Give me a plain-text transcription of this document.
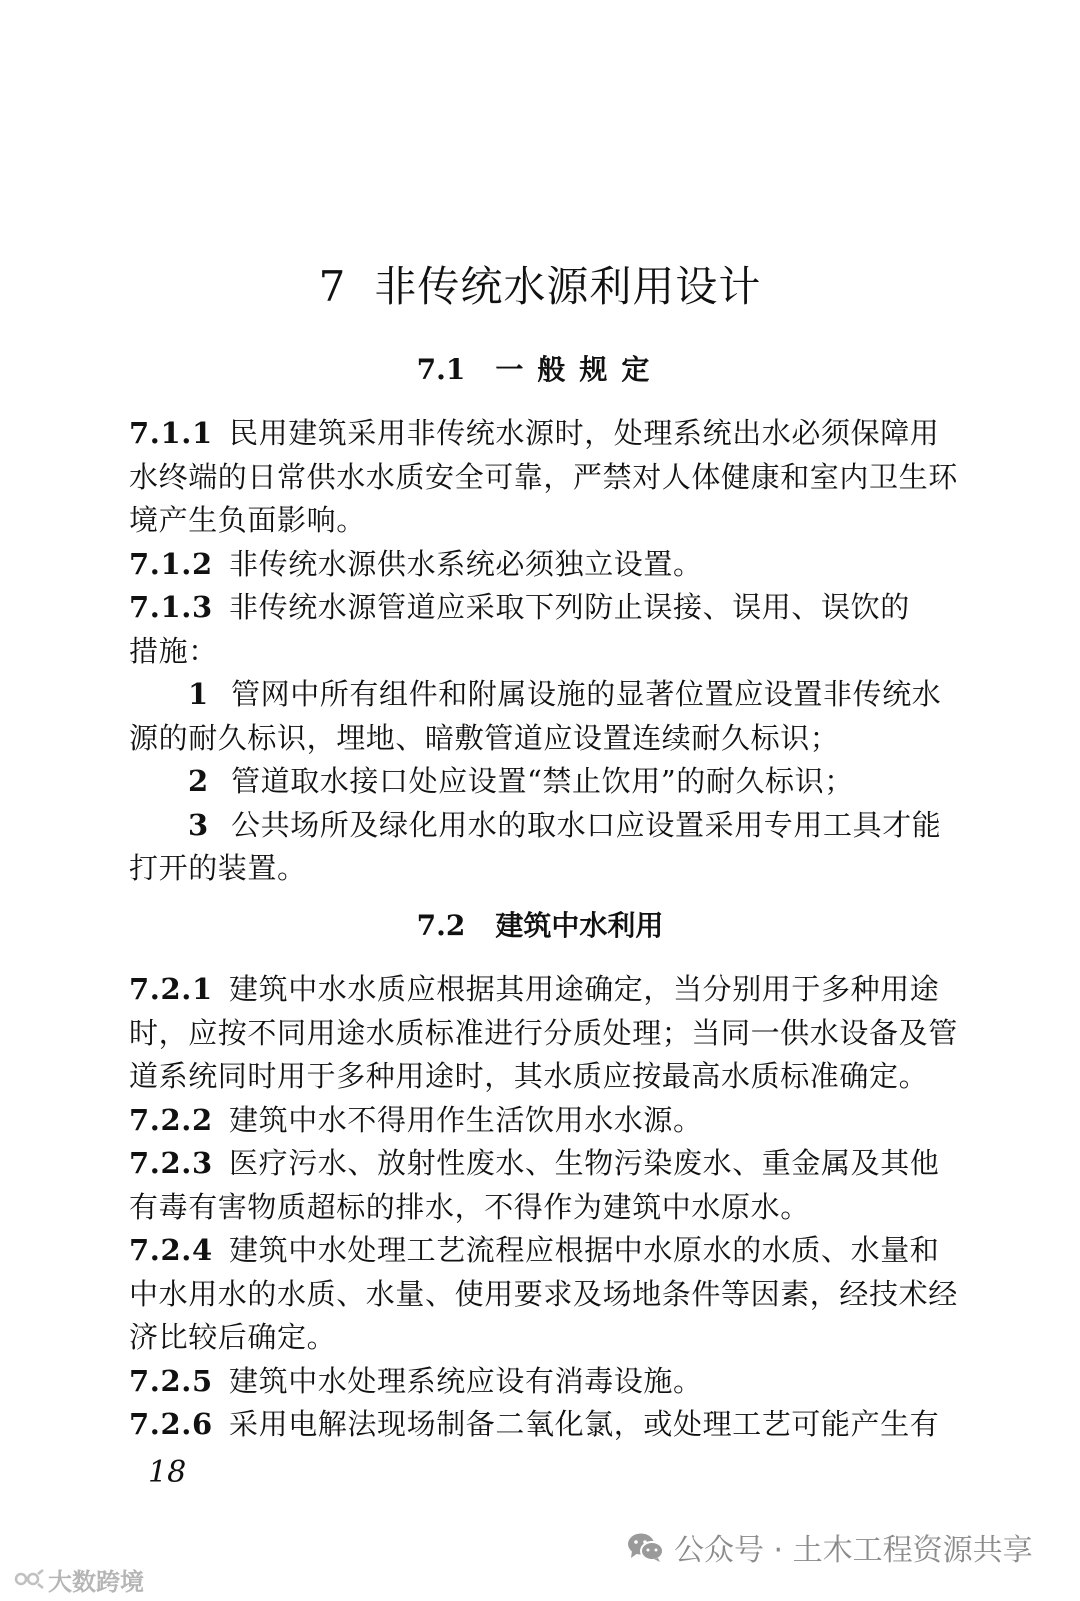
7 非传统水源利用设计
7.1 一般规定
7.1.1 民用建筑采用非传统水源时，处理系统出水必须保障用
水终端的日常供水水质安全可靠，严禁对人体健康和室内卫生环
境产生负面影响。
7.1.2 非传统水源供水系统必须独立设置。
7.1.3 非传统水源管道应采取下列防止误接、误用、误饮的
措施：
1 管网中所有组件和附属设施的显著位置应设置非传统水
源的耐久标识，埋地、暗敷管道应设置连续耐久标识；
2 管道取水接口处应设置“禁止饮用”的耐久标识；
3 公共场所及绿化用水的取水口应设置采用专用工具才能
打开的装置。
7.2 建筑中水利用
7.2.1 建筑中水水质应根据其用途确定，当分别用于多种用途
时，应按不同用途水质标准进行分质处理；当同一供水设备及管
道系统同时用于多种用途时，其水质应按最高水质标准确定。
7.2.2 建筑中水不得用作生活饮用水水源。
7.2.3 医疗污水、放射性废水、生物污染废水、重金属及其他
有毒有害物质超标的排水，不得作为建筑中水原水。
7.2.4 建筑中水处理工艺流程应根据中水原水的水质、水量和
中水用水的水质、水量、使用要求及场地条件等因素，经技术经
济比较后确定。
7.2.5 建筑中水处理系统应设有消毒设施。
7.2.6 采用电解法现场制备二氧化氯，或处理工艺可能产生有
18
公众号 · 土木工程资源共享
大数跨境
